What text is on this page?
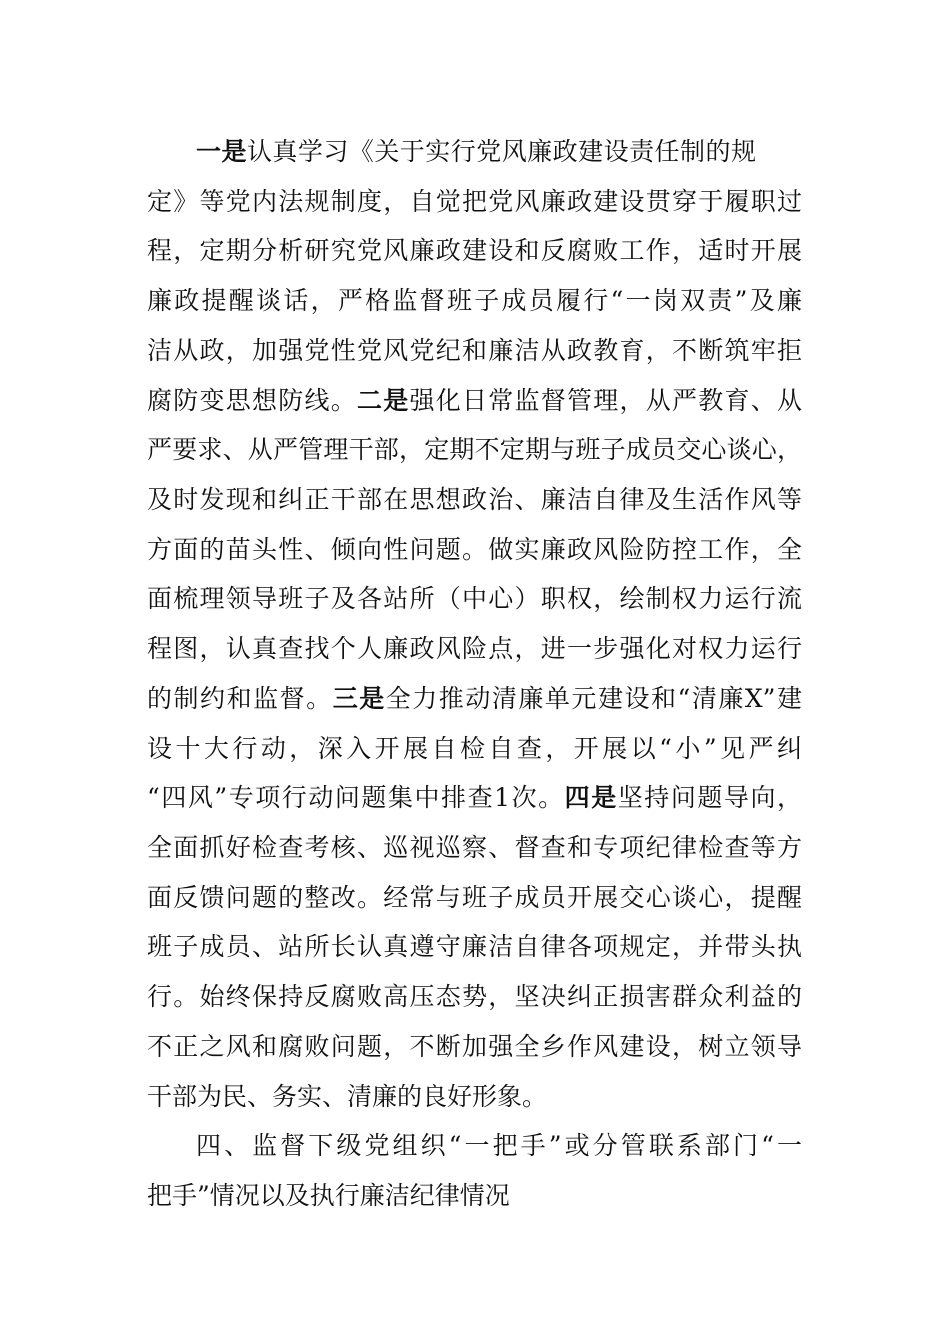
一是认真学习《关于实行党风廉政建设责任制的规
定》等党内法规制度，自觉把党风廉政建设贯穿于履职过
程，定期分析研究党风廉政建设和反腐败工作，适时开展
廉政提醒谈话，严格监督班子成员履行“一岗双责”及廉
洁从政，加强党性党风党纪和廉洁从政教育，不断筑牢拒
腐防变思想防线。二是强化日常监督管理，从严教育、从
严要求、从严管理干部，定期不定期与班子成员交心谈心，
及时发现和纠正干部在思想政治、廉洁自律及生活作风等
方面的苗头性、倾向性问题。做实廉政风险防控工作，全
面梳理领导班子及各站所（中心）职权，绘制权力运行流
程图，认真查找个人廉政风险点，进一步强化对权力运行
的制约和监督。三是全力推动清廉单元建设和“清廉X”建
设十大行动，深入开展自检自查，开展以“小”见严纠
“四风”专项行动问题集中排查1次。四是坚持问题导向，
全面抓好检查考核、巡视巡察、督查和专项纪律检查等方
面反馈问题的整改。经常与班子成员开展交心谈心，提醒
班子成员、站所长认真遵守廉洁自律各项规定，并带头执
行。始终保持反腐败高压态势，坚决纠正损害群众利益的
不正之风和腐败问题，不断加强全乡作风建设，树立领导
干部为民、务实、清廉的良好形象。
四、监督下级党组织“一把手”或分管联系部门“一
把手”情况以及执行廉洁纪律情况
